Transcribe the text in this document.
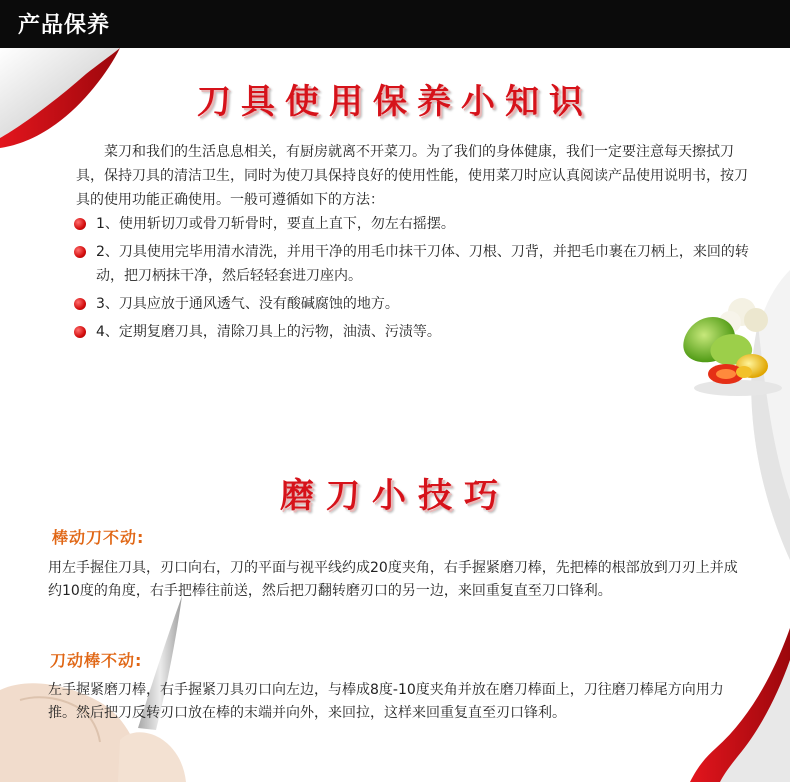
产品保养
刀具使用保养小知识

菜刀和我们的生活息息相关，有厨房就离不开菜刀。为了我们的身体健康，我们一定要注意每天擦拭刀具，保持刀具的清洁卫生，同时为使刀具保持良好的使用性能，使用菜刀时应认真阅读产品使用说明书，按刀具的使用功能正确使用。一般可遵循如下的方法：

1、使用斩切刀或骨刀斩骨时，要直上直下，勿左右摇摆。
2、刀具使用完毕用清水清洗，并用干净的用毛巾抹干刀体、刀根、刀背，并把毛巾裹在刀柄上，来回的转动，把刀柄抹干净，然后轻轻套进刀座内。
3、刀具应放于通风透气、没有酸碱腐蚀的地方。
4、定期复磨刀具，清除刀具上的污物，油渍、污渍等。
磨刀小技巧
棒动刀不动:

用左手握住刀具，刃口向右，刀的平面与视平线约成20度夹角，右手握紧磨刀棒，先把棒的根部放到刀刃上并成约10度的角度，右手把棒往前送，然后把刀翻转磨刃口的另一边，来回重复直至刀口锋利。

刀动棒不动:

左手握紧磨刀棒，右手握紧刀具刃口向左边，与棒成8度-10度夹角并放在磨刀棒面上，刀往磨刀棒尾方向用力推。然后把刀反转刃口放在棒的末端并向外，来回拉，这样来回重复直至刃口锋利。
